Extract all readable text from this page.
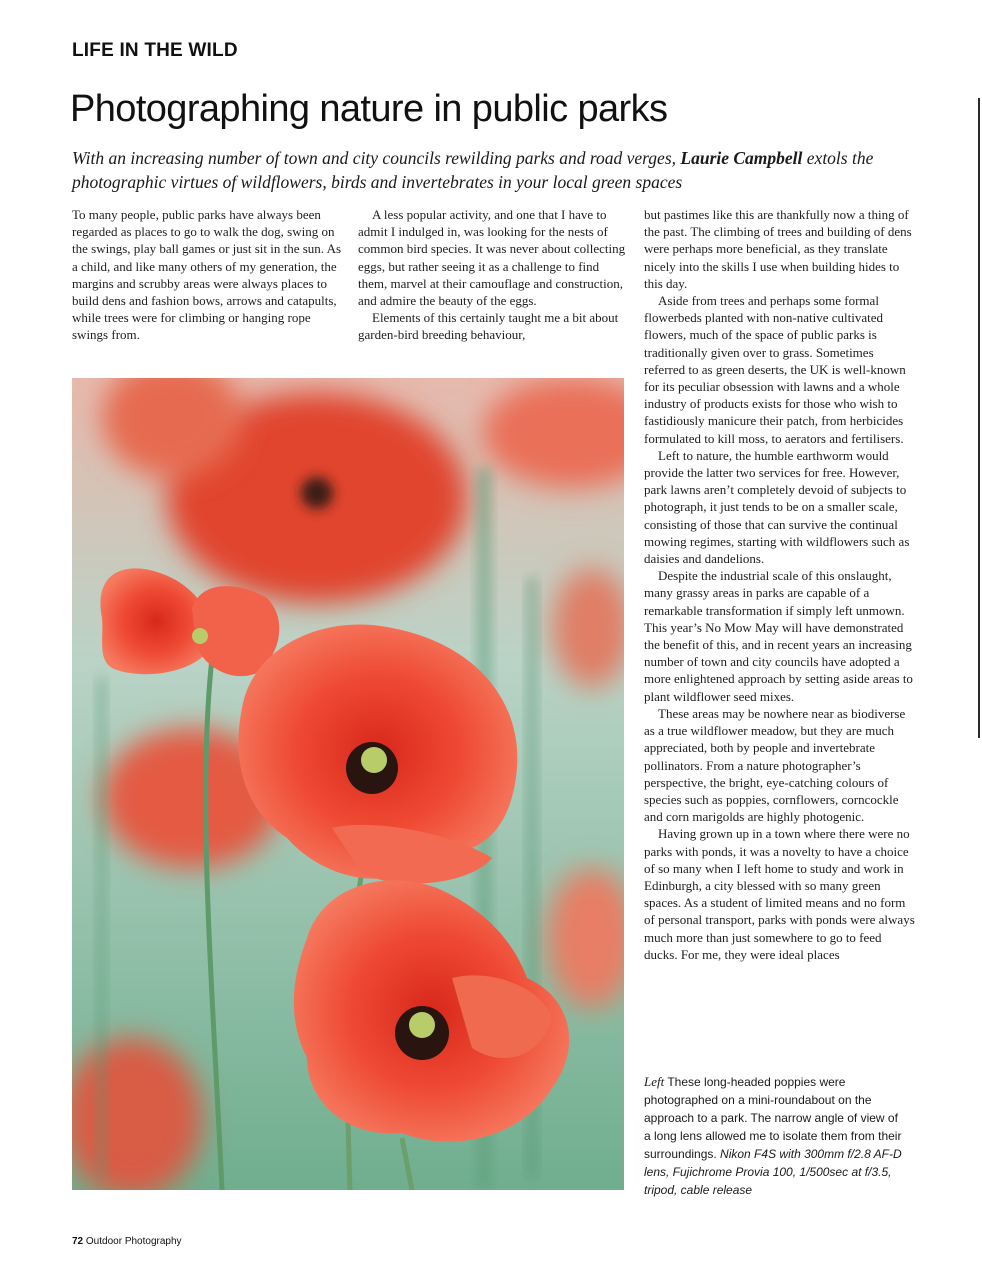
LIFE IN THE WILD
Photographing nature in public parks
With an increasing number of town and city councils rewilding parks and road verges, Laurie Campbell extols the photographic virtues of wildflowers, birds and invertebrates in your local green spaces

To many people, public parks have always been regarded as places to go to walk the dog, swing on the swings, play ball games or just sit in the sun. As a child, and like many others of my generation, the margins and scrubby areas were always places to build dens and fashion bows, arrows and catapults, while trees were for climbing or hanging rope swings from.

A less popular activity, and one that I have to admit I indulged in, was looking for the nests of common bird species. It was never about collecting eggs, but rather seeing it as a challenge to find them, marvel at their camouflage and construction, and admire the beauty of the eggs.

Elements of this certainly taught me a bit about garden-bird breeding behaviour,

but pastimes like this are thankfully now a thing of the past. The climbing of trees and building of dens were perhaps more beneficial, as they translate nicely into the skills I use when building hides to this day.

Aside from trees and perhaps some formal flowerbeds planted with non-native cultivated flowers, much of the space of public parks is traditionally given over to grass. Sometimes referred to as green deserts, the UK is well-known for its peculiar obsession with lawns and a whole industry of products exists for those who wish to fastidiously manicure their patch, from herbicides formulated to kill moss, to aerators and fertilisers.

Left to nature, the humble earthworm would provide the latter two services for free. However, park lawns aren’t completely devoid of subjects to photograph, it just tends to be on a smaller scale, consisting of those that can survive the continual mowing regimes, starting with wildflowers such as daisies and dandelions.

Despite the industrial scale of this onslaught, many grassy areas in parks are capable of a remarkable transformation if simply left unmown. This year’s No Mow May will have demonstrated the benefit of this, and in recent years an increasing number of town and city councils have adopted a more enlightened approach by setting aside areas to plant wildflower seed mixes.

These areas may be nowhere near as biodiverse as a true wildflower meadow, but they are much appreciated, both by people and invertebrate pollinators. From a nature photographer’s perspective, the bright, eye-catching colours of species such as poppies, cornflowers, corncockle and corn marigolds are highly photogenic.

Having grown up in a town where there were no parks with ponds, it was a novelty to have a choice of so many when I left home to study and work in Edinburgh, a city blessed with so many green spaces. As a student of limited means and no form of personal transport, parks with ponds were always much more than just somewhere to go to feed ducks. For me, they were ideal places

Left These long-headed poppies were photographed on a mini-roundabout on the approach to a park. The narrow angle of view of a long lens allowed me to isolate them from their surroundings. Nikon F4S with 300mm f/2.8 AF-D lens, Fujichrome Provia 100, 1/500sec at f/3.5, tripod, cable release
72 Outdoor Photography
